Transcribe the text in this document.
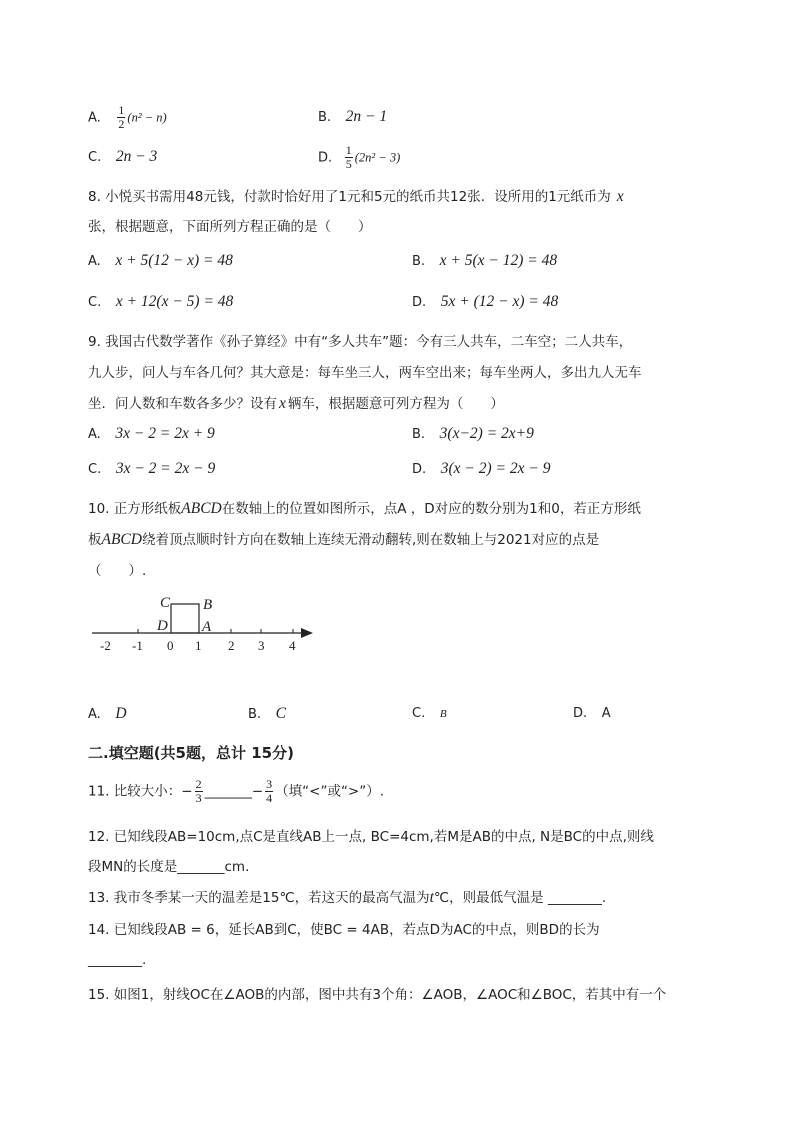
A. $\frac{1}{2} (n^2 - n)$	B. 2n − 1
C. 2n − 3	D. $\frac{1}{5} (2n^2 - 3)$
8. 小悦买书需用48元钱，付款时恰好用了1元和5元的纸币共12张．设所用的1元纸币为 x
张，根据题意，下面所列方程正确的是（　　）
A. x + 5(12 − x) = 48	B. x + 5(x − 12) = 48
C. x + 12(x − 5) = 48	D. 5x + (12 − x) = 48
9. 我国古代数学著作《孙子算经》中有“多人共车”题：今有三人共车，二车空；二人共车，
九人步，问人与车各几何？其大意是：每车坐三人，两车空出来；每车坐两人，多出九人无车
坐．问人数和车数各多少？设有 x 辆车，根据题意可列方程为（　　）
A. 3x − 2 = 2x + 9	B. 3(x−2) = 2x+9
C. 3x − 2 = 2x − 9	D. 3(x − 2) = 2x − 9
10. 正方形纸板ABCD在数轴上的位置如图所示，点A ，D对应的数分别为1和0，若正方形纸
板ABCD绕着顶点顺时针方向在数轴上连续无滑动翻转,则在数轴上与2021对应的点是
（　　）.
C B
D A
-2 -1 0 1 2 3 4
A. D	B. C	C. B	D. A
二.填空题(共5题，总计 15分)
11. 比较大小：− $\frac{2}{3}$ _______− $\frac{3}{4}$ （填“<”或“>”）.
12. 已知线段AB=10cm,点C是直线AB上一点, BC=4cm,若M是AB的中点, N是BC的中点,则线
段MN的长度是_______cm.
13. 我市冬季某一天的温差是15℃，若这天的最高气温为t℃，则最低气温是 ________.
14. 已知线段AB = 6，延长AB到C，使BC = 4AB，若点D为AC的中点，则BD的长为
________.
15. 如图1，射线OC在∠AOB的内部，图中共有3个角：∠AOB，∠AOC和∠BOC，若其中有一个
